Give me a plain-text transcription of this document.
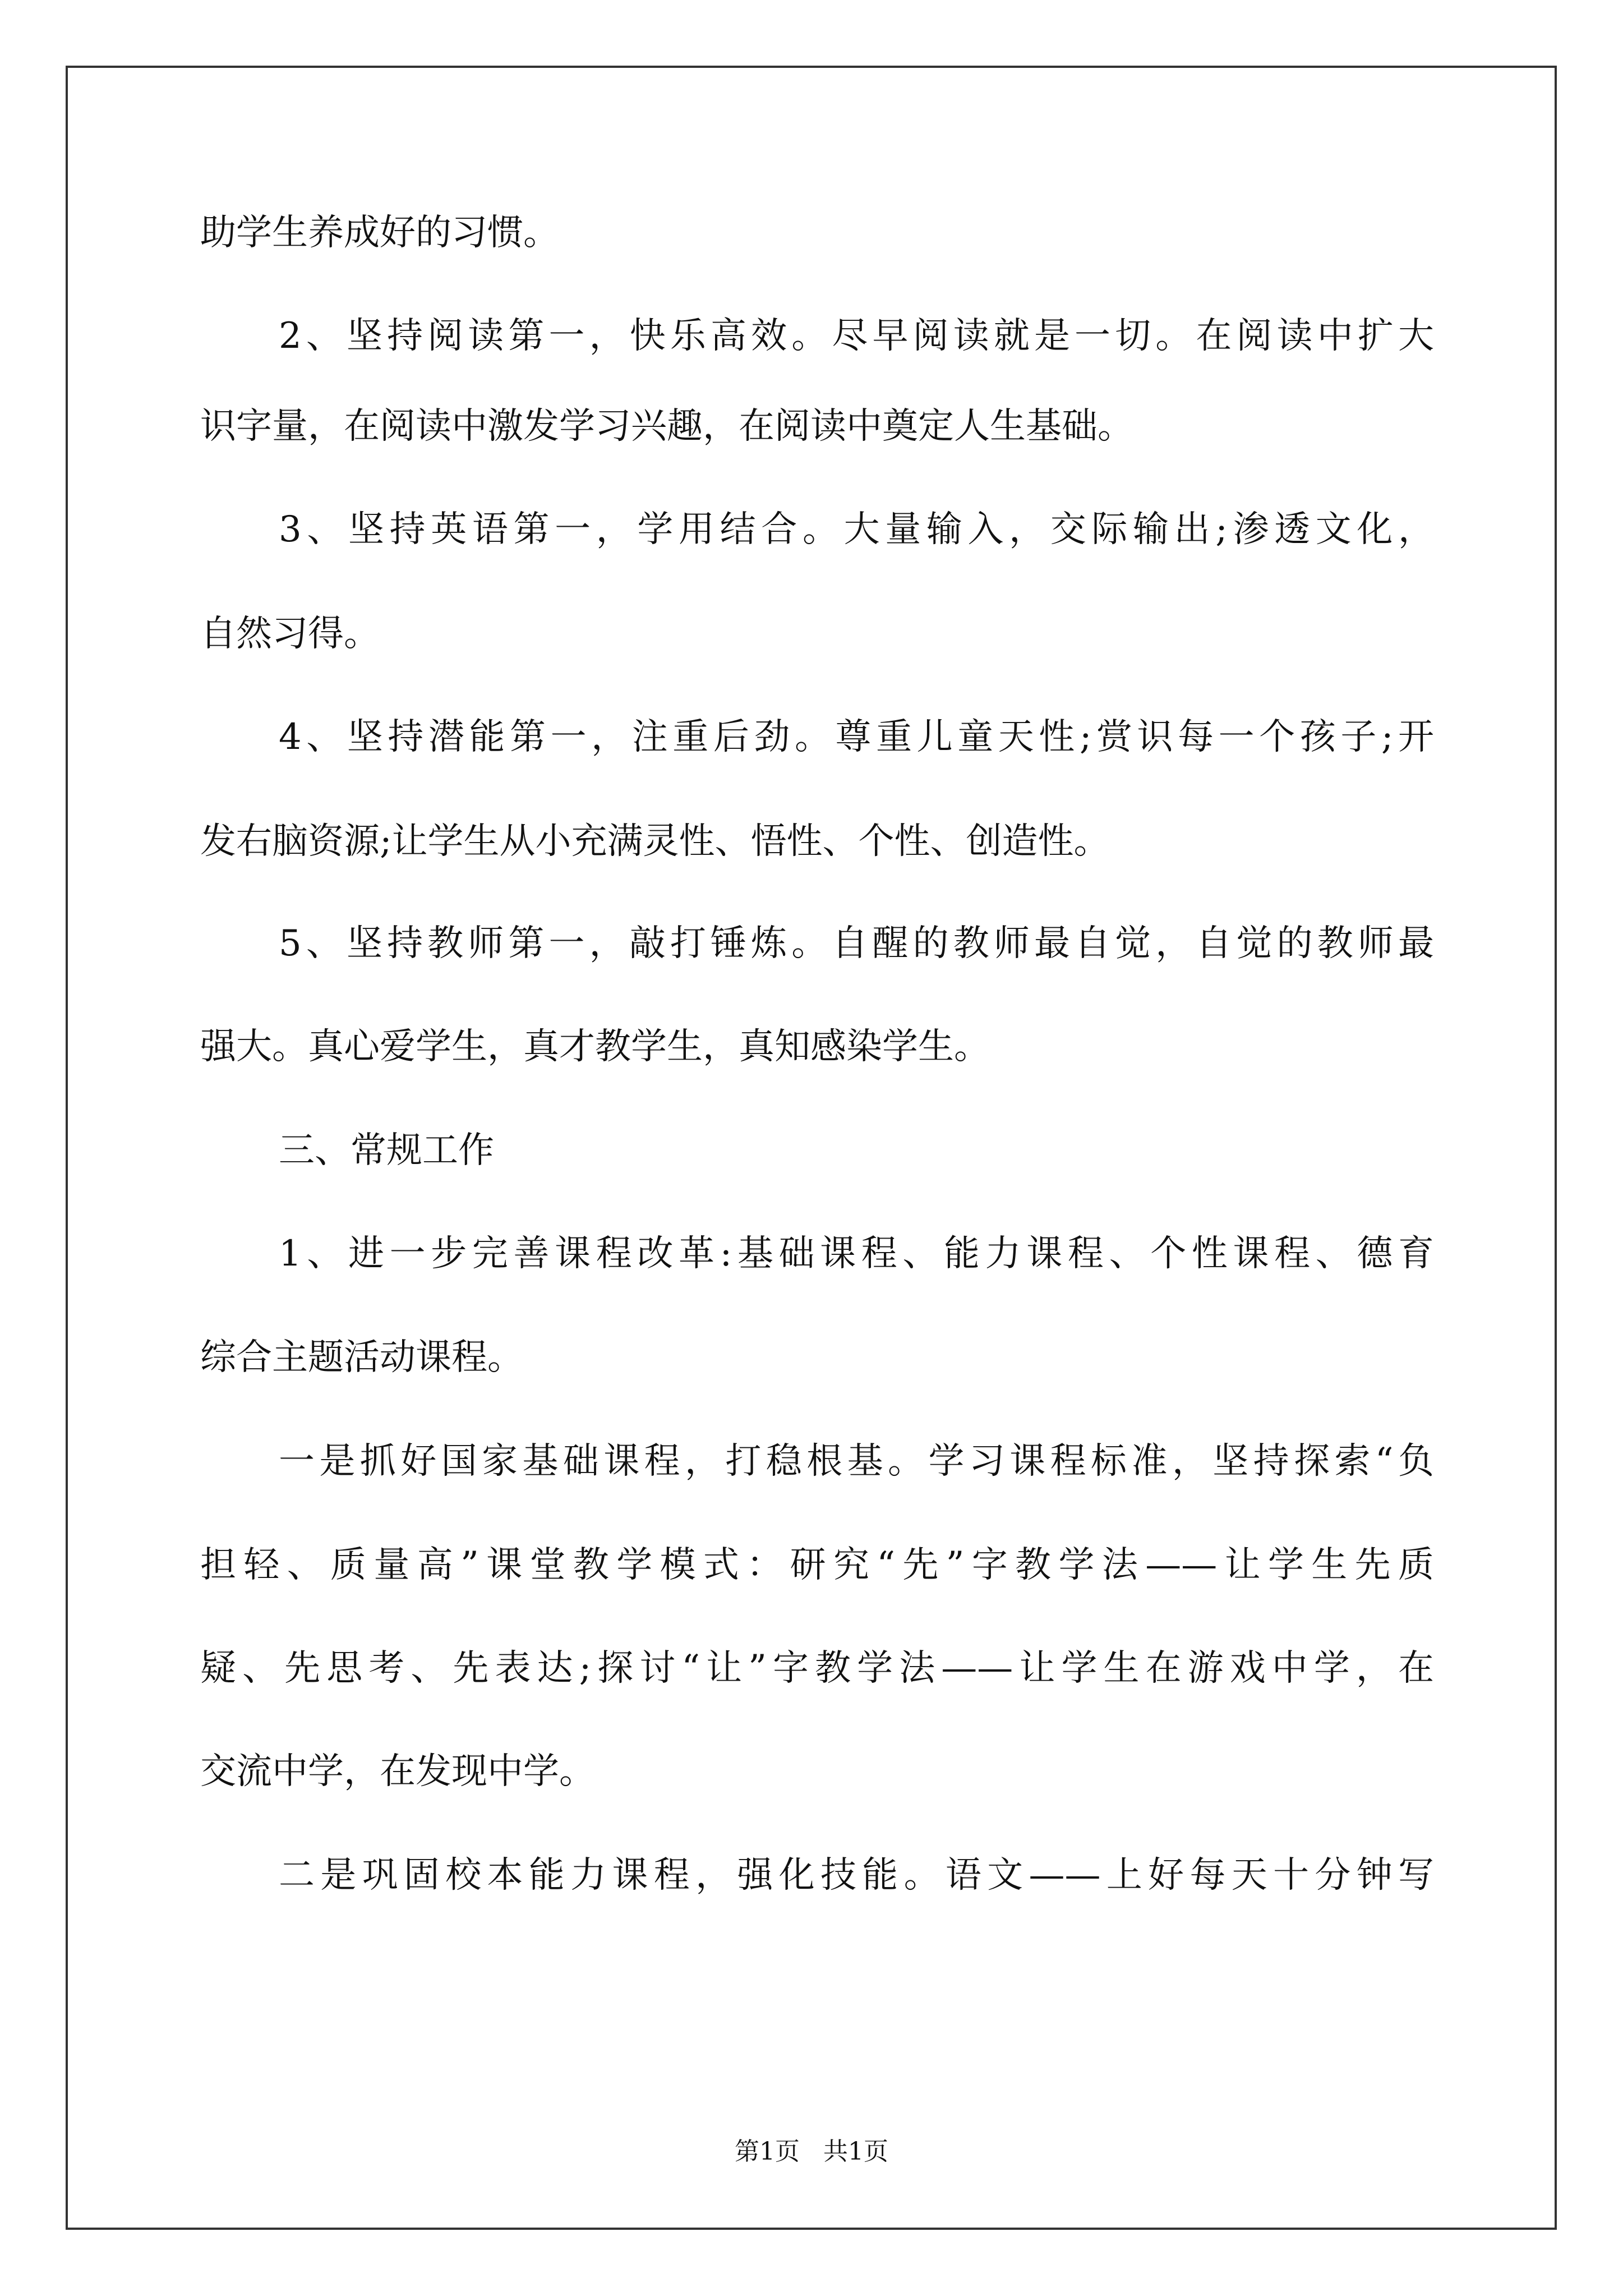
助学生养成好的习惯。
2、坚持阅读第一，快乐高效。尽早阅读就是一切。在阅读中扩大
识字量，在阅读中激发学习兴趣，在阅读中奠定人生基础。
3、坚持英语第一，学用结合。大量输入，交际输出;渗透文化，
自然习得。
4、坚持潜能第一，注重后劲。尊重儿童天性;赏识每一个孩子;开
发右脑资源;让学生从小充满灵性、悟性、个性、创造性。
5、坚持教师第一，敲打锤炼。自醒的教师最自觉，自觉的教师最
强大。真心爱学生，真才教学生，真知感染学生。
三、常规工作
1、进一步完善课程改革:基础课程、能力课程、个性课程、德育
综合主题活动课程。
一是抓好国家基础课程，打稳根基。学习课程标准，坚持探索“负
担轻、质量高”课堂教学模式：研究“先”字教学法——让学生先质
疑、先思考、先表达;探讨“让”字教学法——让学生在游戏中学，在
交流中学，在发现中学。
二是巩固校本能力课程，强化技能。语文——上好每天十分钟写
第1页   共1页
